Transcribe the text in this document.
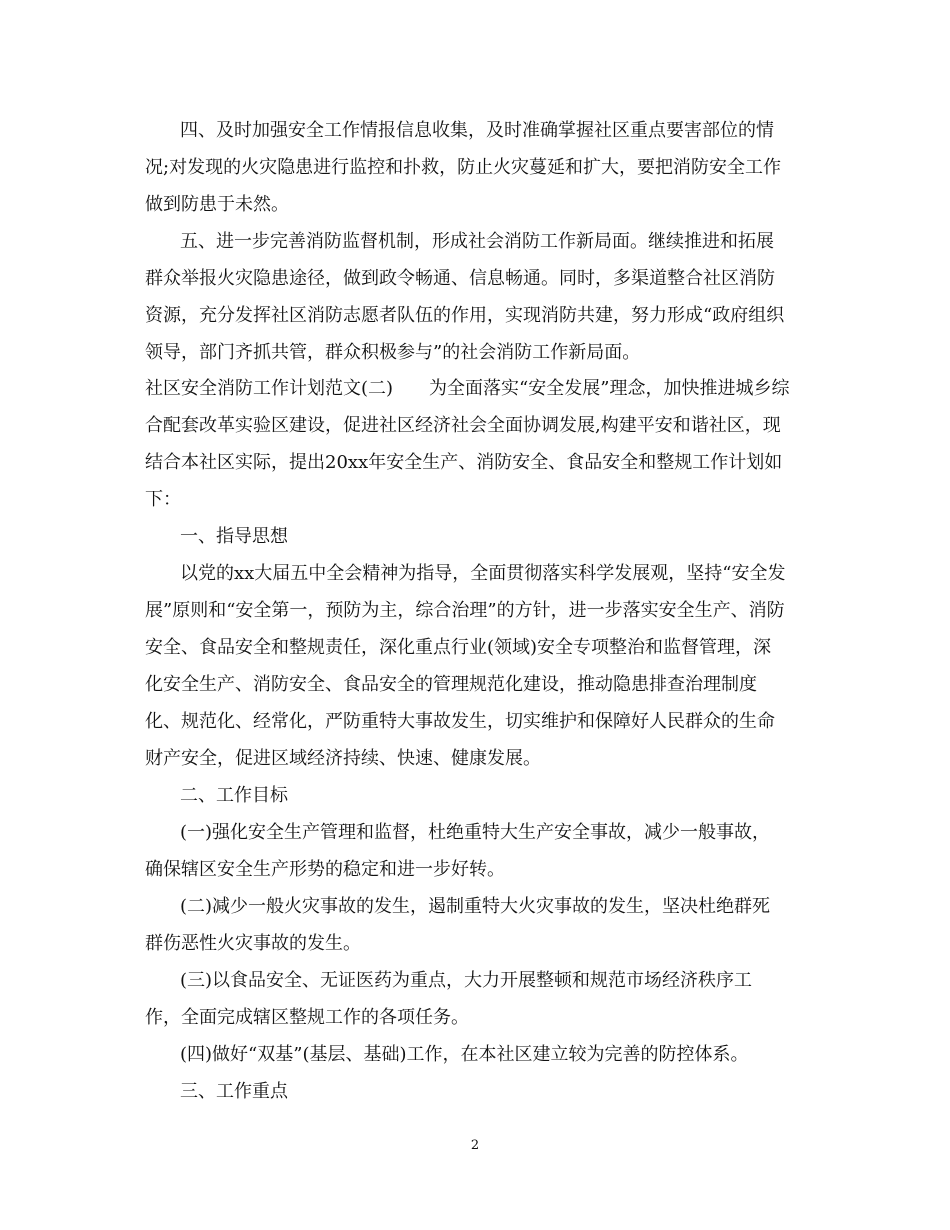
四、及时加强安全工作情报信息收集，及时准确掌握社区重点要害部位的情
况;对发现的火灾隐患进行监控和扑救，防止火灾蔓延和扩大，要把消防安全工作
做到防患于未然。
五、进一步完善消防监督机制，形成社会消防工作新局面。继续推进和拓展
群众举报火灾隐患途径，做到政令畅通、信息畅通。同时，多渠道整合社区消防
资源，充分发挥社区消防志愿者队伍的作用，实现消防共建，努力形成“政府组织
领导，部门齐抓共管，群众积极参与”的社会消防工作新局面。
社区安全消防工作计划范文(二)　　为全面落实“安全发展”理念，加快推进城乡综
合配套改革实验区建设，促进社区经济社会全面协调发展,构建平安和谐社区，现
结合本社区实际，提出20xx年安全生产、消防安全、食品安全和整规工作计划如
下：
一、指导思想
以党的xx大届五中全会精神为指导，全面贯彻落实科学发展观，坚持“安全发
展”原则和“安全第一，预防为主，综合治理”的方针，进一步落实安全生产、消防
安全、食品安全和整规责任，深化重点行业(领域)安全专项整治和监督管理，深
化安全生产、消防安全、食品安全的管理规范化建设，推动隐患排查治理制度
化、规范化、经常化，严防重特大事故发生，切实维护和保障好人民群众的生命
财产安全，促进区域经济持续、快速、健康发展。
二、工作目标
(一)强化安全生产管理和监督，杜绝重特大生产安全事故，减少一般事故，
确保辖区安全生产形势的稳定和进一步好转。
(二)减少一般火灾事故的发生，遏制重特大火灾事故的发生，坚决杜绝群死
群伤恶性火灾事故的发生。
(三)以食品安全、无证医药为重点，大力开展整顿和规范市场经济秩序工
作，全面完成辖区整规工作的各项任务。
(四)做好“双基”(基层、基础)工作，在本社区建立较为完善的防控体系。
三、工作重点
2
